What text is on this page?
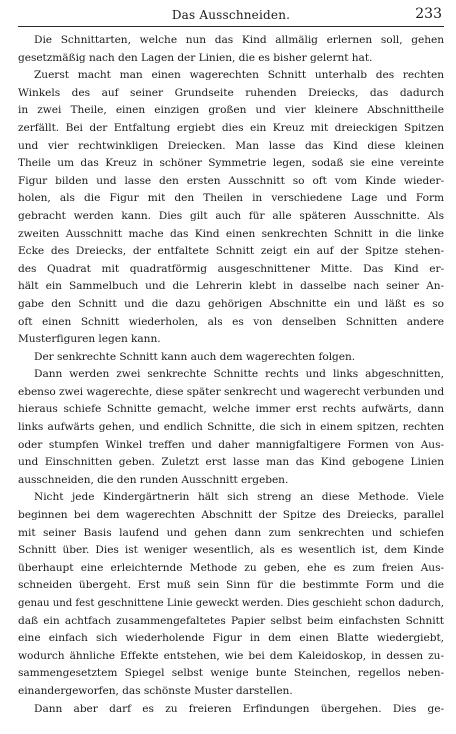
Das Ausschneiden.	233
Die Schnittarten, welche nun das Kind allmälig erlernen soll, gehen
gesetzmäßig nach den Lagen der Linien, die es bisher gelernt hat.
Zuerst macht man einen wagerechten Schnitt unterhalb des rechten
Winkels des auf seiner Grundseite ruhenden Dreiecks, das dadurch
in zwei Theile, einen einzigen großen und vier kleinere Abschnittheile
zerfällt. Bei der Entfaltung ergiebt dies ein Kreuz mit dreieckigen Spitzen
und vier rechtwinkligen Dreiecken. Man lasse das Kind diese kleinen
Theile um das Kreuz in schöner Symmetrie legen, sodaß sie eine vereinte
Figur bilden und lasse den ersten Ausschnitt so oft vom Kinde wieder-
holen, als die Figur mit den Theilen in verschiedene Lage und Form
gebracht werden kann. Dies gilt auch für alle späteren Ausschnitte. Als
zweiten Ausschnitt mache das Kind einen senkrechten Schnitt in die linke
Ecke des Dreiecks, der entfaltete Schnitt zeigt ein auf der Spitze stehen-
des Quadrat mit quadratförmig ausgeschnittener Mitte. Das Kind er-
hält ein Sammelbuch und die Lehrerin klebt in dasselbe nach seiner An-
gabe den Schnitt und die dazu gehörigen Abschnitte ein und läßt es so
oft einen Schnitt wiederholen, als es von denselben Schnitten andere
Musterfiguren legen kann.
Der senkrechte Schnitt kann auch dem wagerechten folgen.
Dann werden zwei senkrechte Schnitte rechts und links abgeschnitten,
ebenso zwei wagerechte, diese später senkrecht und wagerecht verbunden und
hieraus schiefe Schnitte gemacht, welche immer erst rechts aufwärts, dann
links aufwärts gehen, und endlich Schnitte, die sich in einem spitzen, rechten
oder stumpfen Winkel treffen und daher mannigfaltigere Formen von Aus-
und Einschnitten geben. Zuletzt erst lasse man das Kind gebogene Linien
ausschneiden, die den runden Ausschnitt ergeben.
Nicht jede Kindergärtnerin hält sich streng an diese Methode. Viele
beginnen bei dem wagerechten Abschnitt der Spitze des Dreiecks, parallel
mit seiner Basis laufend und gehen dann zum senkrechten und schiefen
Schnitt über. Dies ist weniger wesentlich, als es wesentlich ist, dem Kinde
überhaupt eine erleichternde Methode zu geben, ehe es zum freien Aus-
schneiden übergeht. Erst muß sein Sinn für die bestimmte Form und die
genau und fest geschnittene Linie geweckt werden. Dies geschieht schon dadurch,
daß ein achtfach zusammengefaltetes Papier selbst beim einfachsten Schnitt
eine einfach sich wiederholende Figur in dem einen Blatte wiedergiebt,
wodurch ähnliche Effekte entstehen, wie bei dem Kaleidoskop, in dessen zu-
sammengesetztem Spiegel selbst wenige bunte Steinchen, regellos neben-
einandergeworfen, das schönste Muster darstellen.
Dann aber darf es zu freieren Erfindungen übergehen. Dies ge-
